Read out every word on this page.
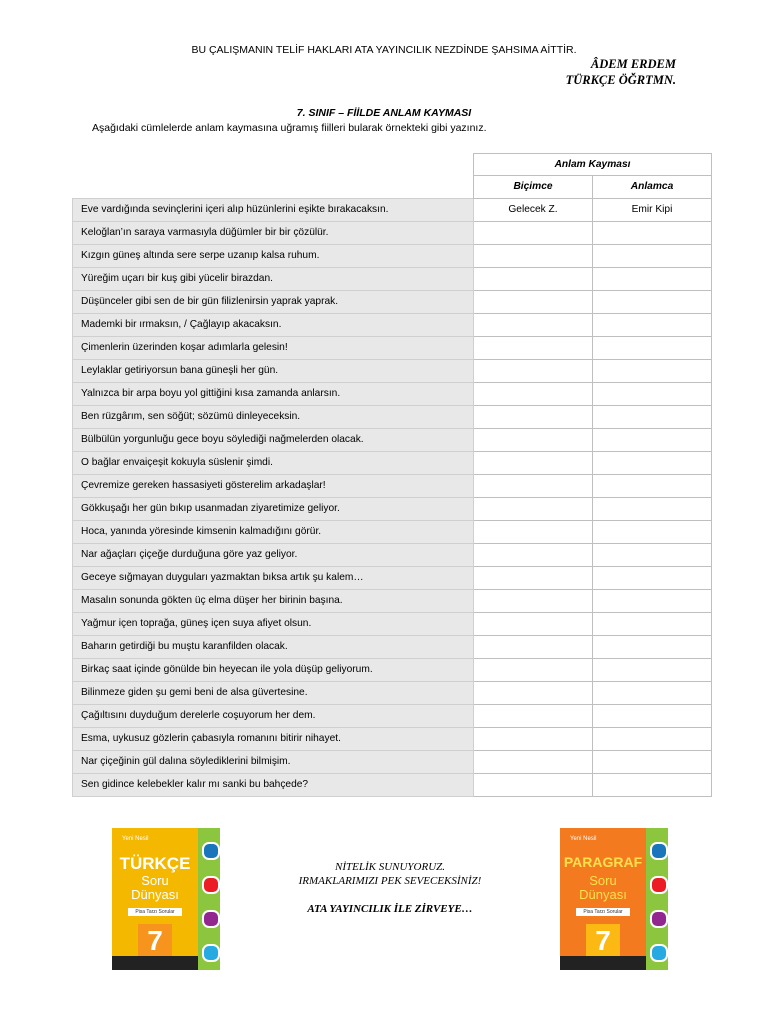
BU ÇALIŞMANIN TELİF HAKLARI ATA YAYINCILIK NEZDİNDE ŞAHSIMA AİTTİR.
ÂDEM ERDEM
TÜRKÇE ÖĞRTMN.
7. SINIF – FİİLDE ANLAM KAYMASI
Aşağıdaki cümlelerde anlam kaymasına uğramış fiilleri bularak örnekteki gibi yazınız.
	Anlam Kayması	
	Biçimce	Anlamca
Eve vardığında sevinçlerini içeri alıp hüzünlerini eşikte bırakacaksın.	Gelecek Z.	Emir Kipi
Keloğlan’ın saraya varmasıyla düğümler bir bir çözülür.		
Kızgın güneş altında sere serpe uzanıp kalsa ruhum.		
Yüreğim uçarı bir kuş gibi yücelir birazdan.		
Düşünceler gibi sen de bir gün filizlenirsin yaprak yaprak.		
Mademki bir ırmaksın, / Çağlayıp akacaksın.		
Çimenlerin üzerinden koşar adımlarla gelesin!		
Leylaklar getiriyorsun bana güneşli her gün.		
Yalnızca bir arpa boyu yol gittiğini kısa zamanda anlarsın.		
Ben rüzgârım, sen söğüt; sözümü dinleyeceksin.		
Bülbülün yorgunluğu gece boyu söylediği nağmelerden olacak.		
O bağlar envaiçeşit kokuyla süslenir şimdi.		
Çevremize gereken hassasiyeti gösterelim arkadaşlar!		
Gökkuşağı her gün bıkıp usanmadan ziyaretimize geliyor.		
Hoca, yanında yöresinde kimsenin kalmadığını görür.		
Nar ağaçları çiçeğe durduğuna göre yaz geliyor.		
Geceye sığmayan duyguları yazmaktan bıksa artık şu kalem…		
Masalın sonunda gökten üç elma düşer her birinin başına.		
Yağmur içen toprağa, güneş içen suya afiyet olsun.		
Baharın getirdiği bu muştu karanfilden olacak.		
Birkaç saat içinde gönülde bin heyecan ile yola düşüp geliyorum.		
Bilinmeze giden şu gemi beni de alsa güvertesine.		
Çağıltısını duyduğum derelerle coşuyorum her dem.		
Esma, uykusuz gözlerin çabasıyla romanını bitirir nihayet.		
Nar çiçeğinin gül dalına söylediklerini bilmişim.		
Sen gidince kelebekler kalır mı sanki bu bahçede?		
NİTELİK SUNUYORUZ.
IRMAKLARIMIZI PEK SEVECEKSİNİZ!
ATA YAYINCILIK İLE ZİRVEYE…
Yeni Nesil
TÜRKÇE
Soru
Dünyası
Pisa Tarzı Sorular
7
Yeni Nesil
PARAGRAF
Soru
Dünyası
Pisa Tarzı Sorular
7
